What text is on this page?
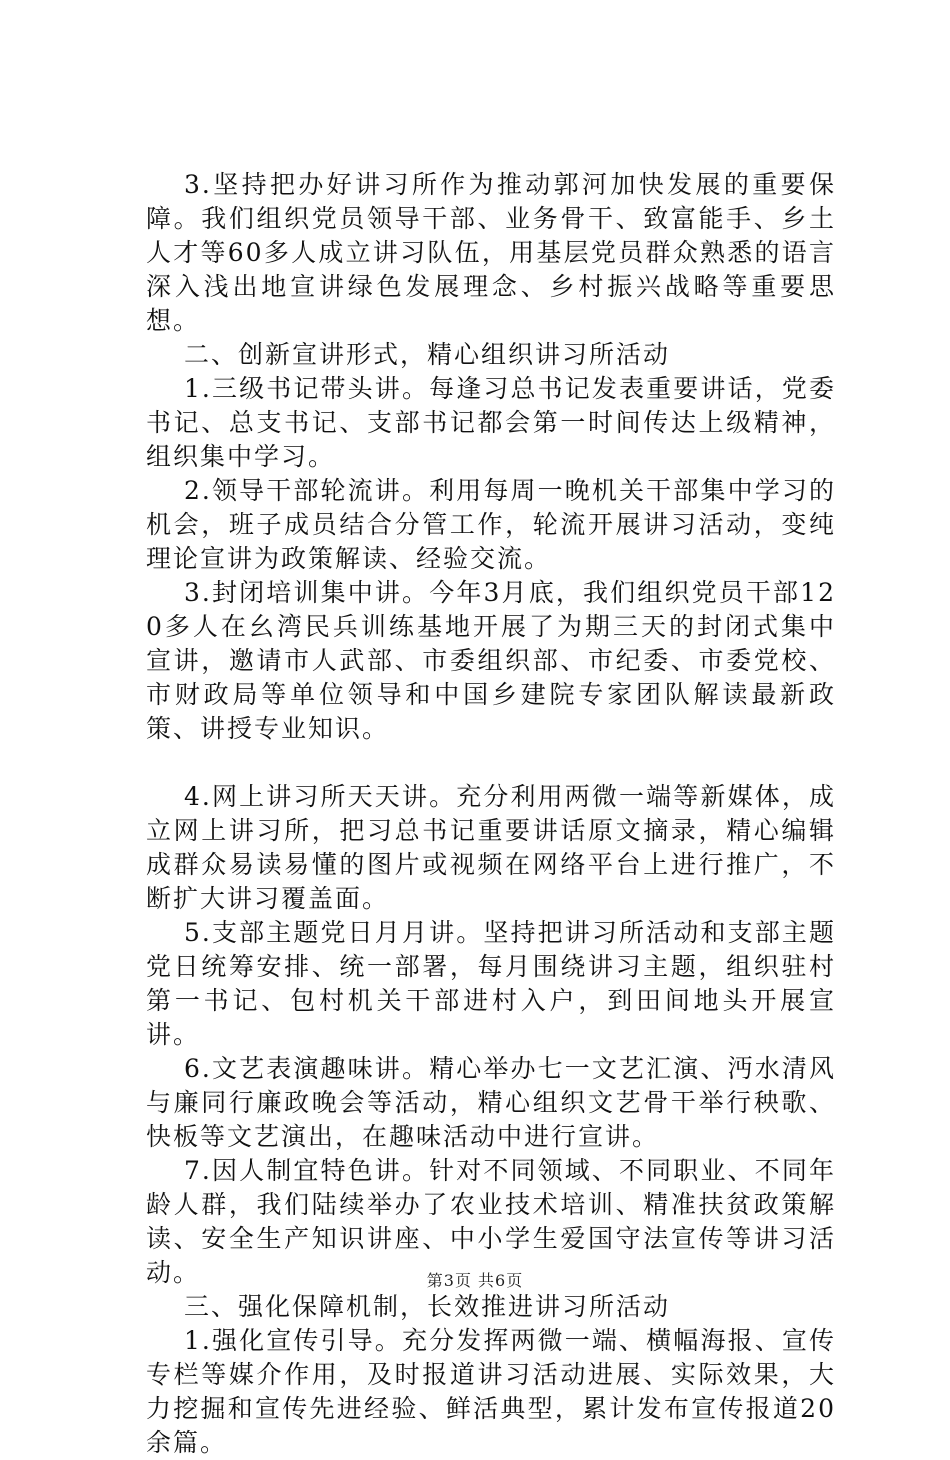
3.坚持把办好讲习所作为推动郭河加快发展的重要保障。我们组织党员领导干部、业务骨干、致富能手、乡土人才等60多人成立讲习队伍，用基层党员群众熟悉的语言深入浅出地宣讲绿色发展理念、乡村振兴战略等重要思想。

二、创新宣讲形式，精心组织讲习所活动

1.三级书记带头讲。每逢习总书记发表重要讲话，党委书记、总支书记、支部书记都会第一时间传达上级精神，组织集中学习。

2.领导干部轮流讲。利用每周一晚机关干部集中学习的机会，班子成员结合分管工作，轮流开展讲习活动，变纯理论宣讲为政策解读、经验交流。

3.封闭培训集中讲。今年3月底，我们组织党员干部120多人在幺湾民兵训练基地开展了为期三天的封闭式集中宣讲，邀请市人武部、市委组织部、市纪委、市委党校、市财政局等单位领导和中国乡建院专家团队解读最新政策、讲授专业知识。

4.网上讲习所天天讲。充分利用两微一端等新媒体，成立网上讲习所，把习总书记重要讲话原文摘录，精心编辑成群众易读易懂的图片或视频在网络平台上进行推广，不断扩大讲习覆盖面。

5.支部主题党日月月讲。坚持把讲习所活动和支部主题党日统筹安排、统一部署，每月围绕讲习主题，组织驻村第一书记、包村机关干部进村入户，到田间地头开展宣讲。

6.文艺表演趣味讲。精心举办七一文艺汇演、沔水清风与廉同行廉政晚会等活动，精心组织文艺骨干举行秧歌、快板等文艺演出，在趣味活动中进行宣讲。

7.因人制宜特色讲。针对不同领域、不同职业、不同年龄人群，我们陆续举办了农业技术培训、精准扶贫政策解读、安全生产知识讲座、中小学生爱国守法宣传等讲习活动。

三、强化保障机制，长效推进讲习所活动

1.强化宣传引导。充分发挥两微一端、横幅海报、宣传专栏等媒介作用，及时报道讲习活动进展、实际效果，大力挖掘和宣传先进经验、鲜活典型，累计发布宣传报道20余篇。

第3页 共6页
